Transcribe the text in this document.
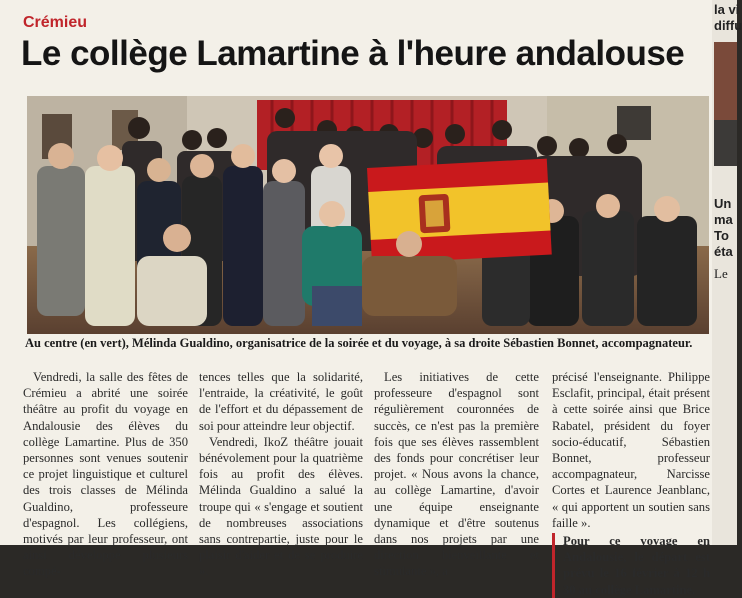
Crémieu
Le collège Lamartine à l'heure andalouse
Au centre (en vert), Mélinda Gualdino, organisatrice de la soirée et du voyage, à sa droite Sébastien Bonnet, accompagnateur.

Vendredi, la salle des fêtes de Crémieu a abrité une soirée théâtre au profit du voyage en Andalousie des élèves du collège Lamartine. Plus de 350 personnes sont venues soutenir ce projet linguistique et culturel des trois classes de Mélinda Gualdino, professeure d'espagnol. Les collégiens, motivés par leur professeur, ont ainsi développé plusieurs compé-

tences telles que la solidarité, l'entraide, la créativité, le goût de l'effort et du dépassement de soi pour atteindre leur objectif.

Vendredi, IkoZ théâtre jouait bénévolement pour la quatrième fois au profit des élèves. Mélinda Gualdino a salué la troupe qui « s'engage et soutient de nombreuses associations sans contrepartie, juste pour le plaisir d'aider et de se produire ».

Les initiatives de cette professeure d'espagnol sont régulièrement couronnées de succès, ce n'est pas la première fois que ses élèves rassemblent des fonds pour concrétiser leur projet. « Nous avons la chance, au collège Lamartine, d'avoir une équipe enseignante dynamique et d'être soutenus dans nos projets par une direction bienveillante et stimulante », a

précisé l'enseignante. Philippe Esclafit, principal, était présent à cette soirée ainsi que Brice Rabatel, président du foyer socio-éducatif, Sébastien Bonnet, professeur accompagnateur, Narcisse Cortes et Laurence Jeanblanc, « qui apportent un soutien sans faille ».

Pour ce voyage en Andalousie, le départ est prévu le 16 février à 12 h 30 au collège Lamartine.

la vi
diffu
Un
ma
To
éta
Le
